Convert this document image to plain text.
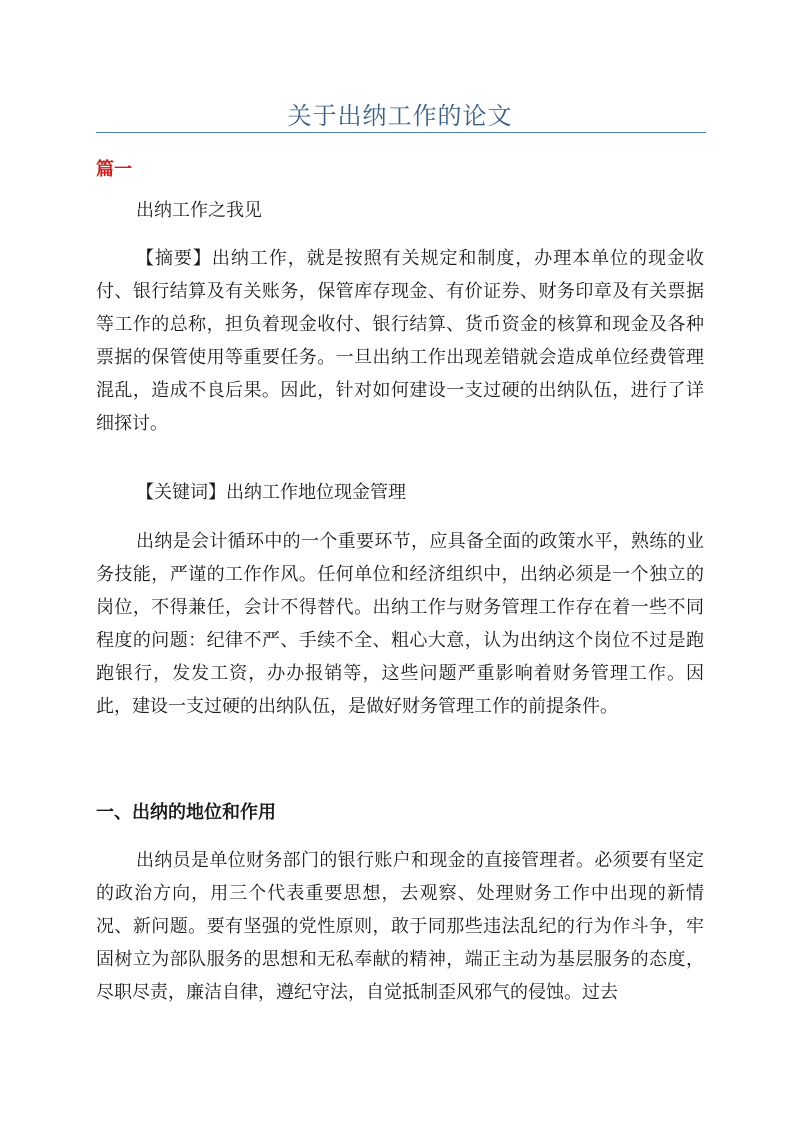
关于出纳工作的论文
篇一

出纳工作之我见

【摘要】出纳工作，就是按照有关规定和制度，办理本单位的现金收付、银行结算及有关账务，保管库存现金、有价证券、财务印章及有关票据等工作的总称，担负着现金收付、银行结算、货币资金的核算和现金及各种票据的保管使用等重要任务。一旦出纳工作出现差错就会造成单位经费管理混乱，造成不良后果。因此，针对如何建设一支过硬的出纳队伍，进行了详细探讨。

【关键词】出纳工作地位现金管理

出纳是会计循环中的一个重要环节，应具备全面的政策水平，熟练的业务技能，严谨的工作作风。任何单位和经济组织中，出纳必须是一个独立的岗位，不得兼任，会计不得替代。出纳工作与财务管理工作存在着一些不同程度的问题：纪律不严、手续不全、粗心大意，认为出纳这个岗位不过是跑跑银行，发发工资，办办报销等，这些问题严重影响着财务管理工作。因此，建设一支过硬的出纳队伍，是做好财务管理工作的前提条件。

一、出纳的地位和作用

出纳员是单位财务部门的银行账户和现金的直接管理者。必须要有坚定的政治方向，用三个代表重要思想，去观察、处理财务工作中出现的新情况、新问题。要有坚强的党性原则，敢于同那些违法乱纪的行为作斗争，牢固树立为部队服务的思想和无私奉献的精神，端正主动为基层服务的态度，尽职尽责，廉洁自律，遵纪守法，自觉抵制歪风邪气的侵蚀。过去
